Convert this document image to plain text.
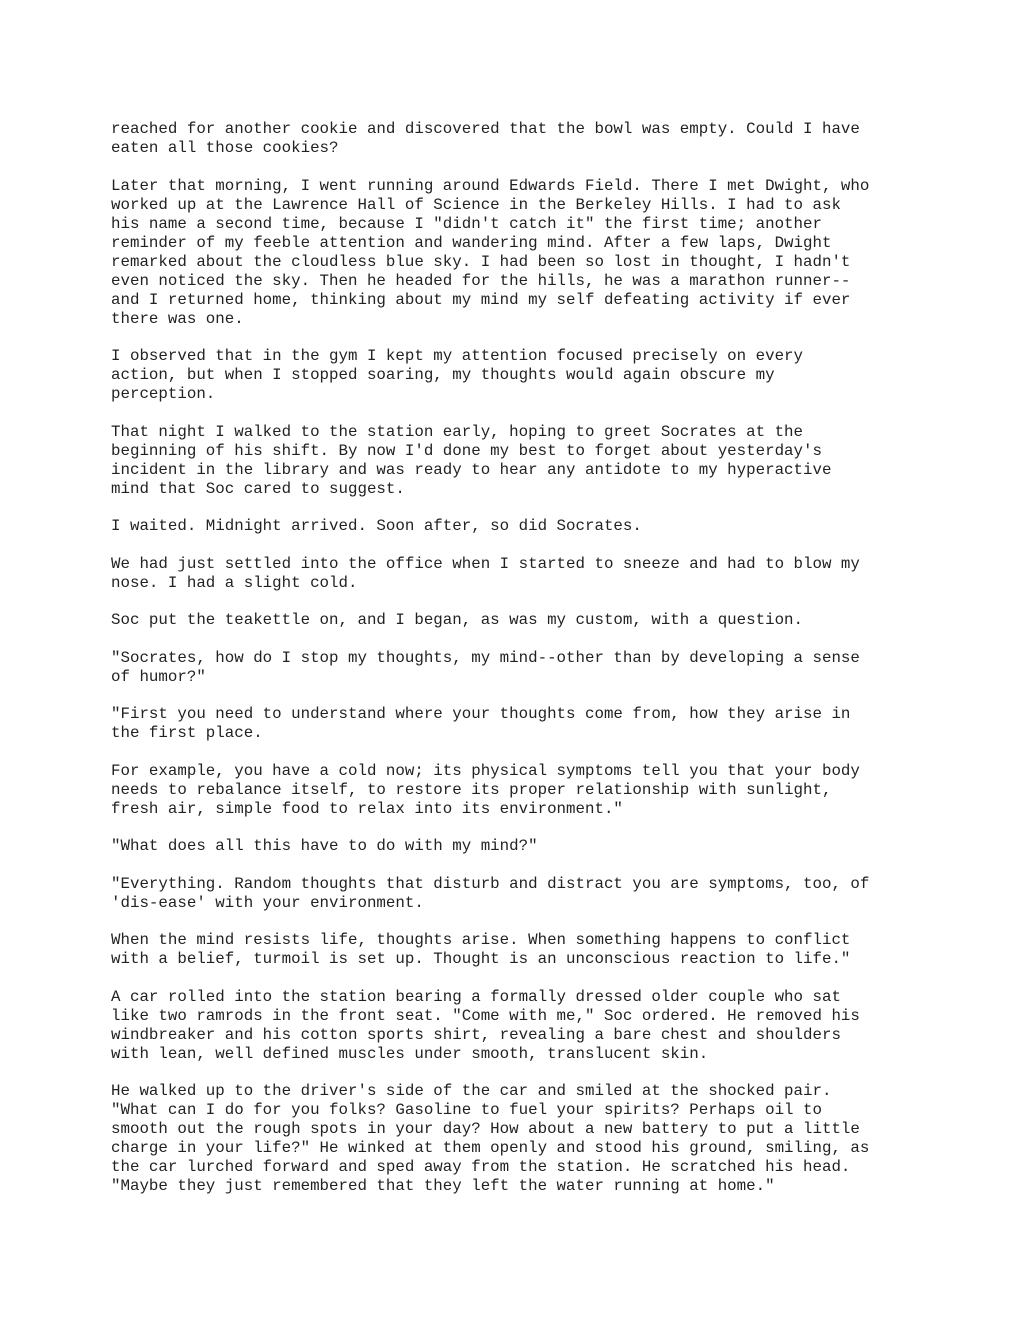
reached for another cookie and discovered that the bowl was empty. Could I have
eaten all those cookies?

Later that morning, I went running around Edwards Field. There I met Dwight, who
worked up at the Lawrence Hall of Science in the Berkeley Hills. I had to ask
his name a second time, because I "didn't catch it" the first time; another
reminder of my feeble attention and wandering mind. After a few laps, Dwight
remarked about the cloudless blue sky. I had been so lost in thought, I hadn't
even noticed the sky. Then he headed for the hills, he was a marathon runner--
and I returned home, thinking about my mind my self defeating activity if ever
there was one.

I observed that in the gym I kept my attention focused precisely on every
action, but when I stopped soaring, my thoughts would again obscure my
perception.

That night I walked to the station early, hoping to greet Socrates at the
beginning of his shift. By now I'd done my best to forget about yesterday's
incident in the library and was ready to hear any antidote to my hyperactive
mind that Soc cared to suggest.

I waited. Midnight arrived. Soon after, so did Socrates.

We had just settled into the office when I started to sneeze and had to blow my
nose. I had a slight cold.

Soc put the teakettle on, and I began, as was my custom, with a question.

"Socrates, how do I stop my thoughts, my mind--other than by developing a sense
of humor?"

"First you need to understand where your thoughts come from, how they arise in
the first place.

For example, you have a cold now; its physical symptoms tell you that your body
needs to rebalance itself, to restore its proper relationship with sunlight,
fresh air, simple food to relax into its environment."

"What does all this have to do with my mind?"

"Everything. Random thoughts that disturb and distract you are symptoms, too, of
'dis-ease' with your environment.

When the mind resists life, thoughts arise. When something happens to conflict
with a belief, turmoil is set up. Thought is an unconscious reaction to life."

A car rolled into the station bearing a formally dressed older couple who sat
like two ramrods in the front seat. "Come with me," Soc ordered. He removed his
windbreaker and his cotton sports shirt, revealing a bare chest and shoulders
with lean, well defined muscles under smooth, translucent skin.

He walked up to the driver's side of the car and smiled at the shocked pair.
"What can I do for you folks? Gasoline to fuel your spirits? Perhaps oil to
smooth out the rough spots in your day? How about a new battery to put a little
charge in your life?" He winked at them openly and stood his ground, smiling, as
the car lurched forward and sped away from the station. He scratched his head.
"Maybe they just remembered that they left the water running at home."
